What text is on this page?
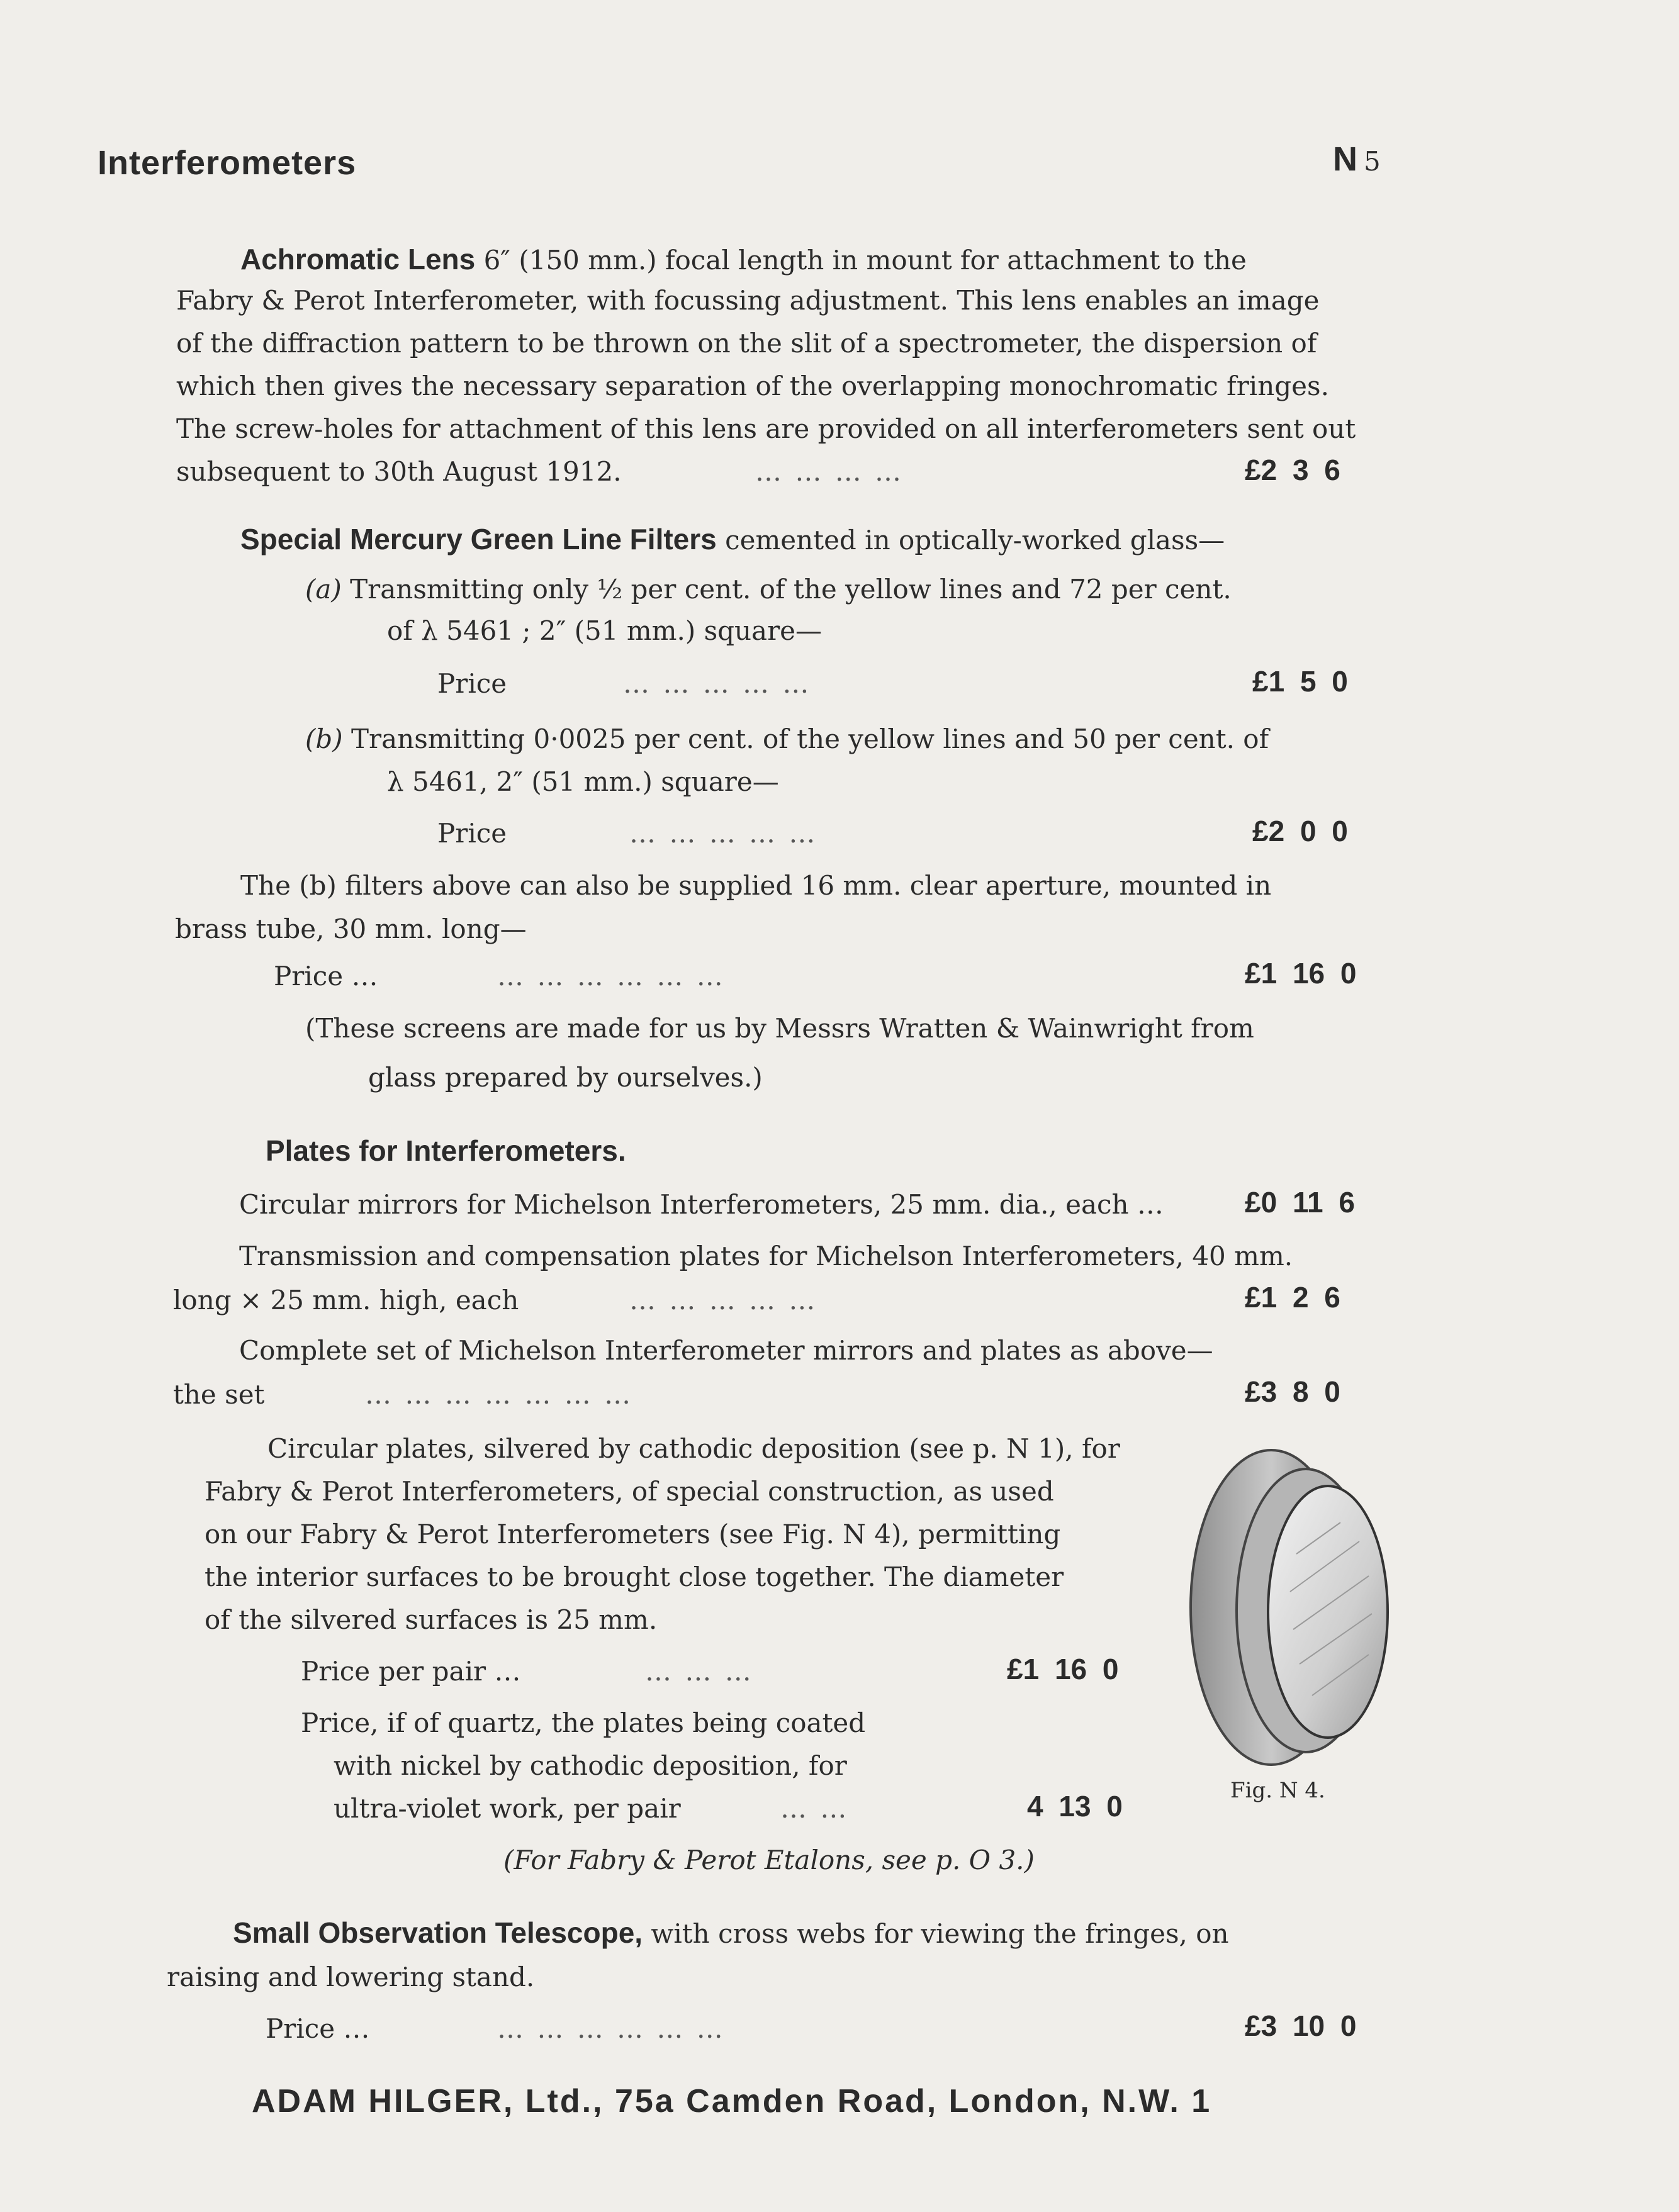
Interferometers	N 5
Achromatic Lens 6″ (150 mm.) focal length in mount for attachment to the
Fabry & Perot Interferometer, with focussing adjustment. This lens enables an image
of the diffraction pattern to be thrown on the slit of a spectrometer, the dispersion of
which then gives the necessary separation of the overlapping monochromatic fringes.
The screw-holes for attachment of this lens are provided on all interferometers sent out
subsequent to 30th August 1912.	… … … …	£2 3 6
Special Mercury Green Line Filters cemented in optically-worked glass—
(a) Transmitting only ½ per cent. of the yellow lines and 72 per cent.
of λ 5461 ; 2″ (51 mm.) square—
Price	… … … … …	£1 5 0
(b) Transmitting 0·0025 per cent. of the yellow lines and 50 per cent. of
λ 5461, 2″ (51 mm.) square—
Price	… … … … …	£2 0 0
The (b) filters above can also be supplied 16 mm. clear aperture, mounted in
brass tube, 30 mm. long—
Price …	… … … … … …	£1 16 0
(These screens are made for us by Messrs Wratten & Wainwright from
glass prepared by ourselves.)
Plates for Interferometers.
Circular mirrors for Michelson Interferometers, 25 mm. dia., each …	£0 11 6
Transmission and compensation plates for Michelson Interferometers, 40 mm.
long × 25 mm. high, each	… … … … …	£1 2 6
Complete set of Michelson Interferometer mirrors and plates as above—
the set	… … … … … … …	£3 8 0
Circular plates, silvered by cathodic deposition (see p. N 1), for
Fabry & Perot Interferometers, of special construction, as used
on our Fabry & Perot Interferometers (see Fig. N 4), permitting
the interior surfaces to be brought close together. The diameter
of the silvered surfaces is 25 mm.
Price per pair …	… … …	£1 16 0
Price, if of quartz, the plates being coated
with nickel by cathodic deposition, for
ultra-violet work, per pair	… …	4 13 0
(For Fabry & Perot Etalons, see p. O 3.)
Fig. N 4.
Small Observation Telescope, with cross webs for viewing the fringes, on
raising and lowering stand.
Price …	… … … … … …	£3 10 0
ADAM HILGER, Ltd., 75a Camden Road, London, N.W. 1
